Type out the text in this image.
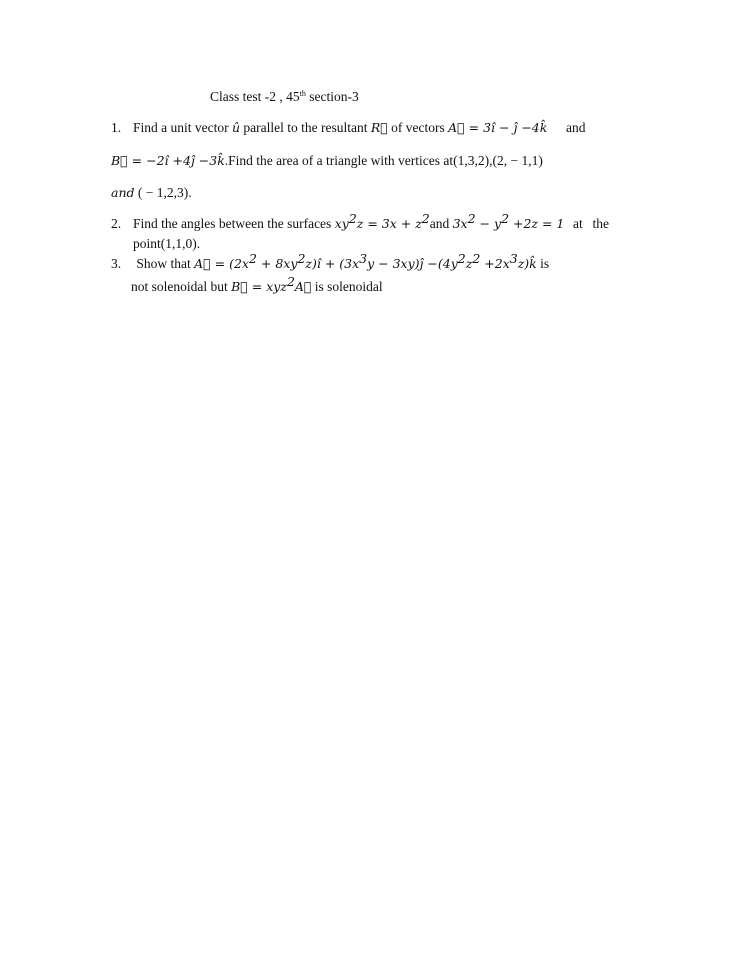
Class test -2 , 45th section-3
1. Find a unit vector û parallel to the resultant R⃗ of vectors A⃗ = 3î − ĵ −4k̂ and
B⃗ = −2î +4ĵ −3k̂.Find the area of a triangle with vertices at(1,3,2),(2, − 1,1)
and ( − 1,2,3).
2. Find the angles between the surfaces $xy^2z = 3x + z^2and$ $3x^2 - y^2 +2z = 1$ at the
point(1,1,0).
3. Show that A⃗ = ($2x^2$ + $8xy^2z)î + (3x^3y$ − 3xy)ĵ $-(4y^2z^2$ $+2x^3z)k̂$ is
not solenoidal but B⃗ = xyz$^2$A⃗ is solenoidal
